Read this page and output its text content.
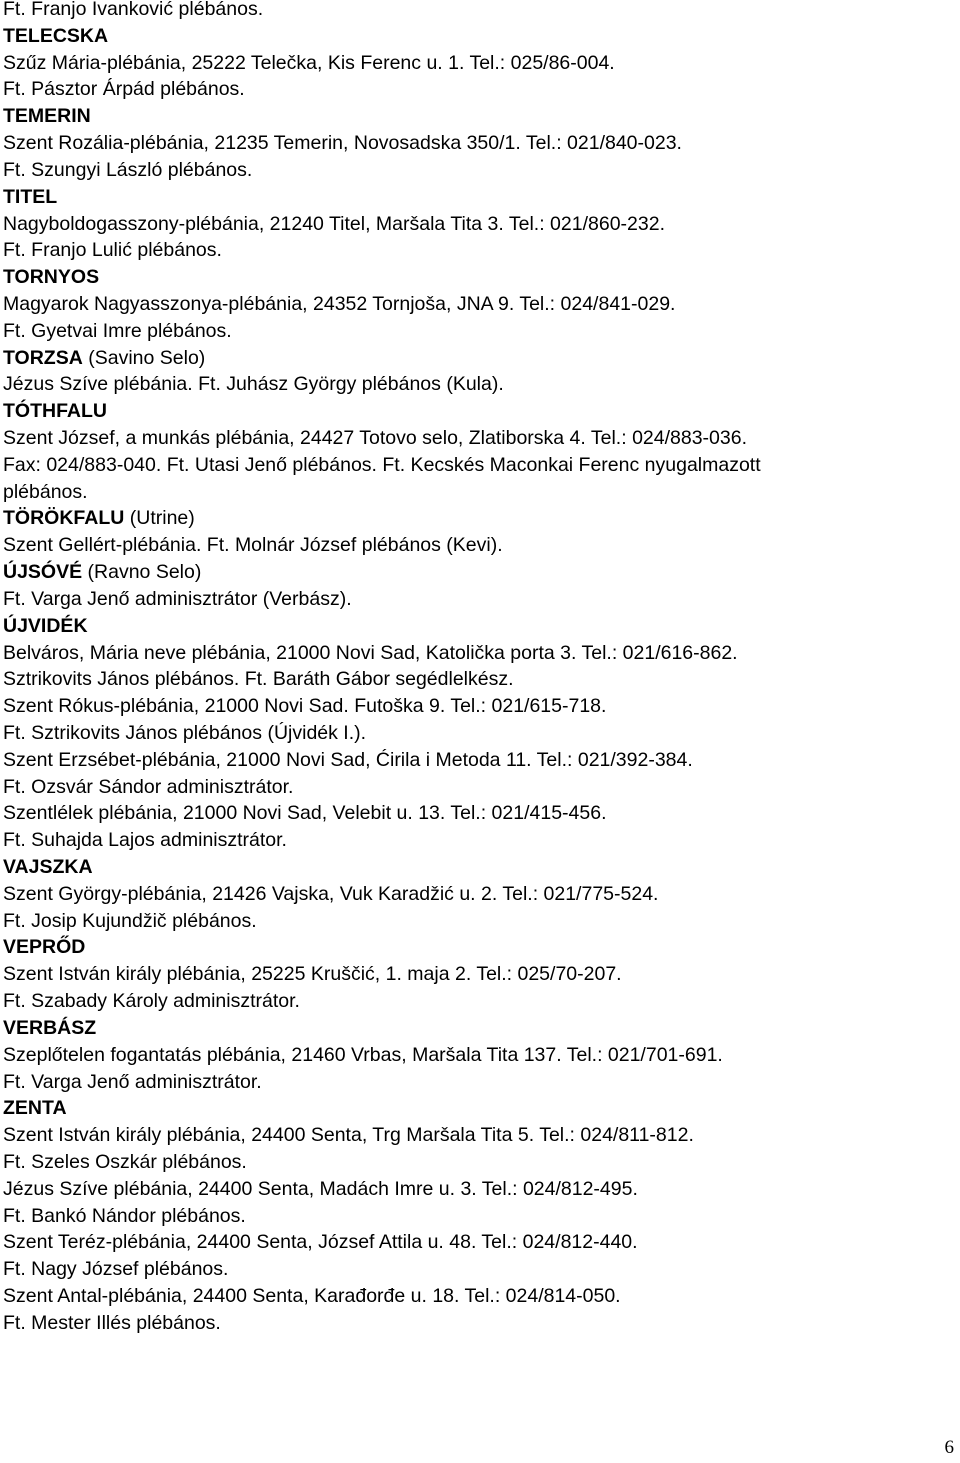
Ft. Franjo Ivanković plébános.
TELECSKA
Szűz Mária-plébánia, 25222 Telečka, Kis Ferenc u. 1. Tel.: 025/86-004.
Ft. Pásztor Árpád plébános.
TEMERIN
Szent Rozália-plébánia, 21235 Temerin, Novosadska 350/1. Tel.: 021/840-023.
Ft. Szungyi László plébános.
TITEL
Nagyboldogasszony-plébánia, 21240 Titel, Maršala Tita 3. Tel.: 021/860-232.
Ft. Franjo Lulić plébános.
TORNYOS
Magyarok Nagyasszonya-plébánia, 24352 Tornjoša, JNA 9. Tel.: 024/841-029.
Ft. Gyetvai Imre plébános.
TORZSA (Savino Selo)
Jézus Szíve plébánia. Ft. Juhász György plébános (Kula).
TÓTHFALU
Szent József, a munkás plébánia, 24427 Totovo selo, Zlatiborska 4. Tel.: 024/883-036.
Fax: 024/883-040. Ft. Utasi Jenő plébános. Ft. Kecskés Maconkai Ferenc nyugalmazott
plébános.
TÖRÖKFALU (Utrine)
Szent Gellért-plébánia. Ft. Molnár József plébános (Kevi).
ÚJSÓVÉ (Ravno Selo)
Ft. Varga Jenő adminisztrátor (Verbász).
ÚJVIDÉK
Belváros, Mária neve plébánia, 21000 Novi Sad, Katolička porta 3. Tel.: 021/616-862.
Sztrikovits János plébános. Ft. Baráth Gábor segédlelkész.
Szent Rókus-plébánia, 21000 Novi Sad. Futoška 9. Tel.: 021/615-718.
Ft. Sztrikovits János plébános (Újvidék I.).
Szent Erzsébet-plébánia, 21000 Novi Sad, Ćirila i Metoda 11. Tel.: 021/392-384.
Ft. Ozsvár Sándor adminisztrátor.
Szentlélek plébánia, 21000 Novi Sad, Velebit u. 13. Tel.: 021/415-456.
Ft. Suhajda Lajos adminisztrátor.
VAJSZKA
Szent György-plébánia, 21426 Vajska, Vuk Karadžić u. 2. Tel.: 021/775-524.
Ft. Josip Kujundžič plébános.
VEPRŐD
Szent István király plébánia, 25225 Kruščić, 1. maja 2. Tel.: 025/70-207.
Ft. Szabady Károly adminisztrátor.
VERBÁSZ
Szeplőtelen fogantatás plébánia, 21460 Vrbas, Maršala Tita 137. Tel.: 021/701-691.
Ft. Varga Jenő adminisztrátor.
ZENTA
Szent István király plébánia, 24400 Senta, Trg Maršala Tita 5. Tel.: 024/811-812.
Ft. Szeles Oszkár plébános.
Jézus Szíve plébánia, 24400 Senta, Madách Imre u. 3. Tel.: 024/812-495.
Ft. Bankó Nándor plébános.
Szent Teréz-plébánia, 24400 Senta, József Attila u. 48. Tel.: 024/812-440.
Ft. Nagy József plébános.
Szent Antal-plébánia, 24400 Senta, Karađorđe u. 18. Tel.: 024/814-050.
Ft. Mester Illés plébános.
6
